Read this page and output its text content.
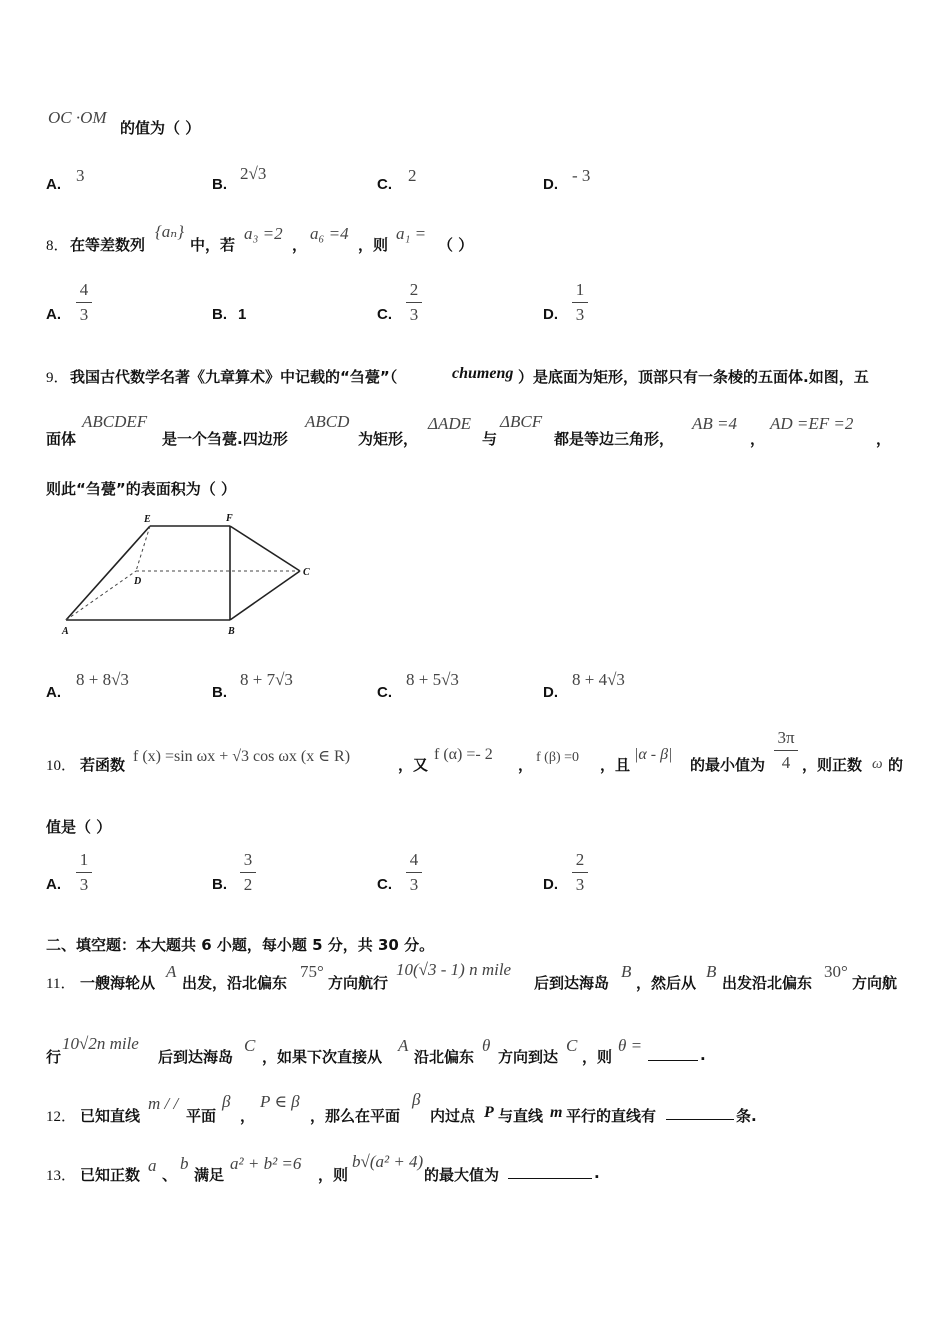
OC ·OM
的值为（ ）
A. 3	B.
2√3
C. 2	D. - 3
8． 在等差数列
{aₙ}
中，若
a₃ =2
，
a₆ =4
，则
a₁ =
（ ）
A.
4
3	B. 1	C.
2
3	D.
1
3
9． 我国古代数学名著《九章算术》中记载的“刍甍”（	chumeng ）是底面为矩形，顶部只有一条棱的五面体.如图，五
面体
ABCDEF
是一个刍甍.四边形
ABCD
为矩形，
ΔADE
与
ΔBCF
都是等边三角形，
AB =4
，
AD =EF =2
，
则此“刍甍”的表面积为（ ）
E	F
D
C
A	B
A.
8 + 8√3
B.
8 + 7√3
C.
8 + 5√3
D.
8 + 4√3
10． 若函数 f (x) =sin ωx + √3 cos ωx (x ∈ R)	，又
f (α) =- 2
， f (β) =0 ，且
|α - β|
的最小值为
3π
4 ，则正数 ω 的
值是（ ）
A.
1
3	B.
3
2	C.
4
3	D.
2
3
二、填空题：本大题共 6 小题，每小题 5 分，共 30 分。
11． 一艘海轮从
A
出发，沿北偏东
75°
方向航行
10(√3 - 1) n mile
后到达海岛
B
，然后从
B
出发沿北偏东
30°
方向航
行
10√2n mile
后到达海岛
C
，如果下次直接从
A
沿北偏东
θ
方向到达
C
，则
θ =	.
12． 已知直线
m / /
平面
β
，
P ∈ β
，那么在平面
β
内过点 P 与直线 m 平行的直线有	条.
13． 已知正数 a 、
b
满足
a² + b² =6
，则
b√(a² + 4)
的最大值为	.
